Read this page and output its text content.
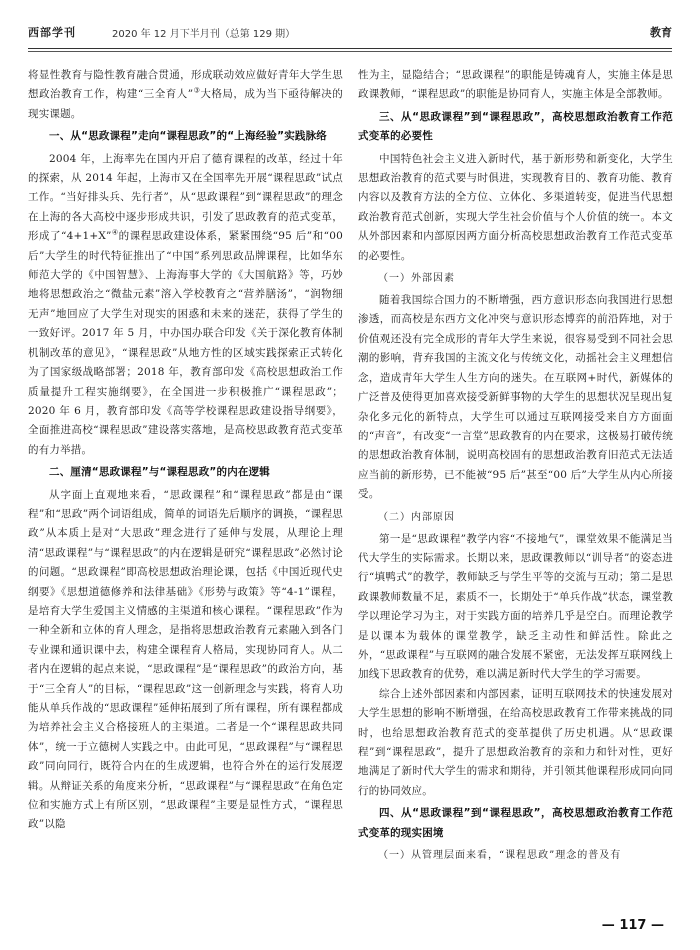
西部学刊	2020 年 12 月下半月刊（总第 129 期）	教育

将显性教育与隐性教育融合贯通，形成联动效应做好青年大学生思想政治教育工作，构建“三全育人”③大格局，成为当下亟待解决的现实课题。

一、从“思政课程”走向“课程思政”的“上海经验”实践脉络

2004 年，上海率先在国内开启了德育课程的改革，经过十年的探索，从 2014 年起，上海市又在全国率先开展“课程思政”试点工作。“当好排头兵、先行者”，从“思政课程”到“课程思政”的理念在上海的各大高校中逐步形成共识，引发了思政教育的范式变革，形成了“4+1+X”④的课程思政建设体系，紧紧围绕“95 后”和“00 后”大学生的时代特征推出了“中国”系列思政品牌课程，比如华东师范大学的《中国智慧》、上海海事大学的《大国航路》等，巧妙地将思想政治之“微盐元素”溶入学校教育之“营养膳汤”，“润物细无声”地回应了大学生对现实的困惑和未来的迷茫，获得了学生的一致好评。2017 年 5 月，中办国办联合印发《关于深化教育体制机制改革的意见》，“课程思政”从地方性的区域实践探索正式转化为了国家级战略部署；2018 年，教育部印发《高校思想政治工作质量提升工程实施纲要》，在全国进一步积极推广“课程思政”；2020 年 6 月，教育部印发《高等学校课程思政建设指导纲要》，全面推进高校“课程思政”建设落实落地，是高校思政教育范式变革的有力举措。

二、厘清“思政课程”与“课程思政”的内在逻辑

从字面上直观地来看，“思政课程”和“课程思政”都是由“课程”和“思政”两个词语组成，简单的词语先后顺序的调换，“课程思政”从本质上是对“大思政”理念进行了延伸与发展，从理论上理清“思政课程”与“课程思政”的内在逻辑是研究“课程思政”必然讨论的问题。“思政课程”即高校思想政治理论课，包括《中国近现代史纲要》《思想道德修养和法律基础》《形势与政策》等“4-1”课程，是培育大学生爱国主义情感的主渠道和核心课程。“课程思政”作为一种全新和立体的育人理念，是指将思想政治教育元素融入到各门专业课和通识课中去，构建全课程育人格局，实现协同育人。从二者内在逻辑的起点来说，“思政课程”是“课程思政”的政治方向，基于“三全育人”的目标，“课程思政”这一创新理念与实践，将育人功能从单兵作战的“思政课程”延伸拓展到了所有课程，所有课程都成为培养社会主义合格接班人的主渠道。二者是一个“课程思政共同体”，统一于立德树人实践之中。由此可见，“思政课程”与“课程思政”同向同行，既符合内在的生成逻辑，也符合外在的运行发展逻辑。从辩证关系的角度来分析，“思政课程”与“课程思政”在角色定位和实施方式上有所区别，“思政课程”主要是显性方式，“课程思政”以隐

性为主，显隐结合；“思政课程”的职能是铸魂育人，实施主体是思政课教师，“课程思政”的职能是协同育人，实施主体是全部教师。

三、从“思政课程”到“课程思政”，高校思想政治教育工作范式变革的必要性

中国特色社会主义进入新时代，基于新形势和新变化，大学生思想政治教育的范式要与时俱进，实现教育目的、教育功能、教育内容以及教育方法的全方位、立体化、多渠道转变，促进当代思想政治教育范式创新，实现大学生社会价值与个人价值的统一。本文从外部因素和内部原因两方面分析高校思想政治教育工作范式变革的必要性。

（一）外部因素

随着我国综合国力的不断增强，西方意识形态向我国进行思想渗透，而高校是东西方文化冲突与意识形态博弈的前沿阵地，对于价值观还没有完全成形的青年大学生来说，很容易受到不同社会思潮的影响，背弃我国的主流文化与传统文化，动摇社会主义理想信念，造成青年大学生人生方向的迷失。在互联网+时代，新媒体的广泛普及使得更加喜欢接受新鲜事物的大学生的思想状况呈现出复杂化多元化的新特点，大学生可以通过互联网接受来自方方面面的“声音”，有改变“一言堂”思政教育的内在要求，这极易打破传统的思想政治教育体制，说明高校固有的思想政治教育旧范式无法适应当前的新形势，已不能被“95 后”甚至“00 后”大学生从内心所接受。

（二）内部原因

第一是“思政课程”教学内容“不接地气”，课堂效果不能满足当代大学生的实际需求。长期以来，思政课教师以“训导者”的姿态进行“填鸭式”的教学，教师缺乏与学生平等的交流与互动；第二是思政课教师数量不足，素质不一，长期处于“单兵作战”状态，课堂教学以理论学习为主，对于实践方面的培养几乎是空白。而理论教学是以课本为载体的课堂教学，缺乏主动性和鲜活性。除此之外，“思政课程”与互联网的融合发展不紧密，无法发挥互联网线上加线下思政教育的优势，难以满足新时代大学生的学习需要。

综合上述外部因素和内部因素，证明互联网技术的快速发展对大学生思想的影响不断增强，在给高校思政教育工作带来挑战的同时，也给思想政治教育范式的变革提供了历史机遇。从“思政课程”到“课程思政”，提升了思想政治教育的亲和力和针对性，更好地满足了新时代大学生的需求和期待，并引领其他课程形成同向同行的协同效应。

四、从“思政课程”到“课程思政”，高校思想政治教育工作范式变革的现实困境
（一）从管理层面来看，“课程思政”理念的普及有
— 117 —
